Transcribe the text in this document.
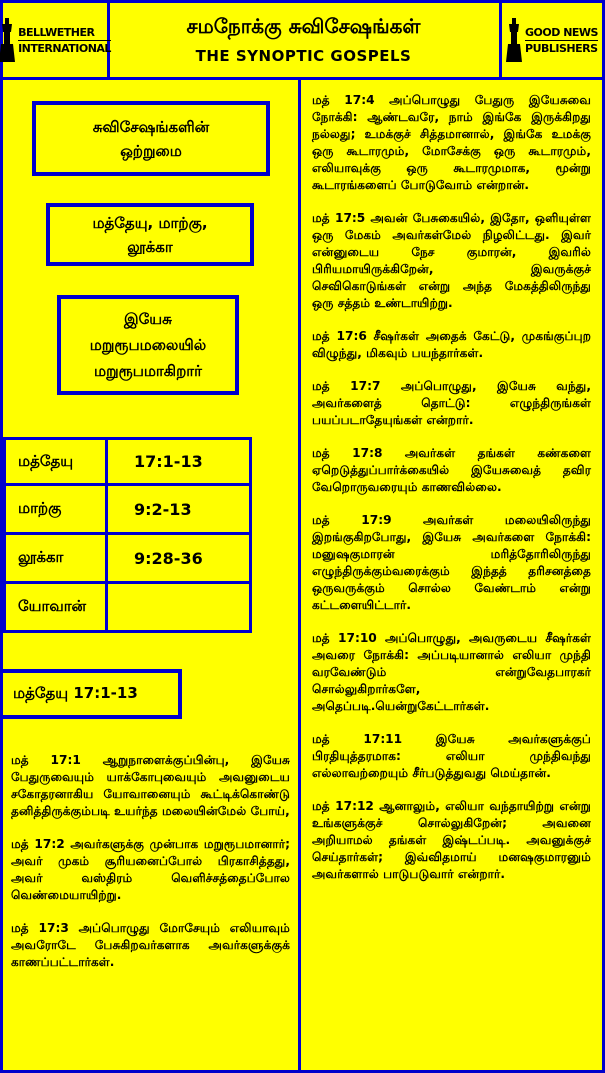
BELLWETHER
INTERNATIONAL
சமநோக்கு சுவிசேஷங்கள்
THE SYNOPTIC GOSPELS
GOOD NEWS
PUBLISHERS
சுவிசேஷங்களின்
ஒற்றுமை
மத்தேயு, மாற்கு,
லூக்கா
இயேசு
மறுரூபமலையில்
மறுரூபமாகிறார்
மத்தேயு	17:1-13
மாற்கு	9:2-13
லூக்கா	9:28-36
யோவான்
மத்தேயு 17:1-13

மத் 17:1 ஆறுநாளைக்குப்பின்பு, இயேசு பேதுருவையும் யாக்கோபுவையும் அவனுடைய சகோதரனாகிய யோவானையும் கூட்டிக்கொண்டு தனித்திருக்கும்படி உயர்ந்த மலையின்மேல் போய்,

மத் 17:2 அவர்களுக்கு முன்பாக மறுரூபமானார்; அவர் முகம் சூரியனைப்போல் பிரகாசித்தது, அவர் வஸ்திரம் வெளிச்சத்தைப்போல வெண்மையாயிற்று.

மத் 17:3 அப்பொழுது மோசேயும் எலியாவும் அவரோடே பேசுகிறவர்களாக அவர்களுக்குக் காணப்பட்டார்கள்.

மத் 17:4 அப்பொழுது பேதுரு இயேசுவை நோக்கி: ஆண்டவரே, நாம் இங்கே இருக்கிறது நல்லது; உமக்குச் சித்தமானால், இங்கே உமக்கு ஒரு கூடாரமும், மோசேக்கு ஒரு கூடாரமும், எலியாவுக்கு ஒரு கூடாரமுமாக, மூன்று கூடாரங்களைப் போடுவோம் என்றான்.

மத் 17:5 அவன் பேசுகையில், இதோ, ஒளியுள்ள ஒரு மேகம் அவர்கள்மேல் நிழலிட்டது. இவர் என்னுடைய நேச குமாரன், இவரில் பிரியமாயிருக்கிறேன், இவருக்குச் செவிகொடுங்கள் என்று அந்த மேகத்திலிருந்து ஒரு சத்தம் உண்டாயிற்று.

மத் 17:6 சீஷர்கள் அதைக் கேட்டு, முகங்குப்புற விழுந்து, மிகவும் பயந்தார்கள்.

மத் 17:7 அப்பொழுது, இயேசு வந்து, அவர்களைத் தொட்டு: எழுந்திருங்கள் பயப்படாதேயுங்கள் என்றார்.

மத் 17:8 அவர்கள் தங்கள் கண்களை ஏறெடுத்துப்பார்க்கையில் இயேசுவைத் தவிர வேறொருவரையும் காணவில்லை.

மத் 17:9 அவர்கள் மலையிலிருந்து இறங்குகிறபோது, இயேசு அவர்களை நோக்கி: மனுஷகுமாரன் மரித்தோரிலிருந்து எழுந்திருக்கும்வரைக்கும் இந்தத் தரிசனத்தை ஒருவருக்கும் சொல்ல வேண்டாம் என்று கட்டளையிட்டார்.

மத் 17:10 அப்பொழுது, அவருடைய சீஷர்கள் அவரை நோக்கி: அப்படியானால் எலியா முந்தி வரவேண்டும் என்றுவேதபாரகர் சொல்லுகிறார்களே, அதெப்படி.யென்றுகேட்டார்கள்.

மத் 17:11 இயேசு அவர்களுக்குப் பிரதியுத்தரமாக: எலியா முந்திவந்து எல்லாவற்றையும் சீர்படுத்துவது மெய்தான்.

மத் 17:12 ஆனாலும், எலியா வந்தாயிற்று என்று உங்களுக்குச் சொல்லுகிறேன்; அவனை அறியாமல் தங்கள் இஷ்டப்படி. அவனுக்குச் செய்தார்கள்; இவ்விதமாய் மனஷகுமாரனும் அவர்களால் பாடுபடுவார் என்றார்.
